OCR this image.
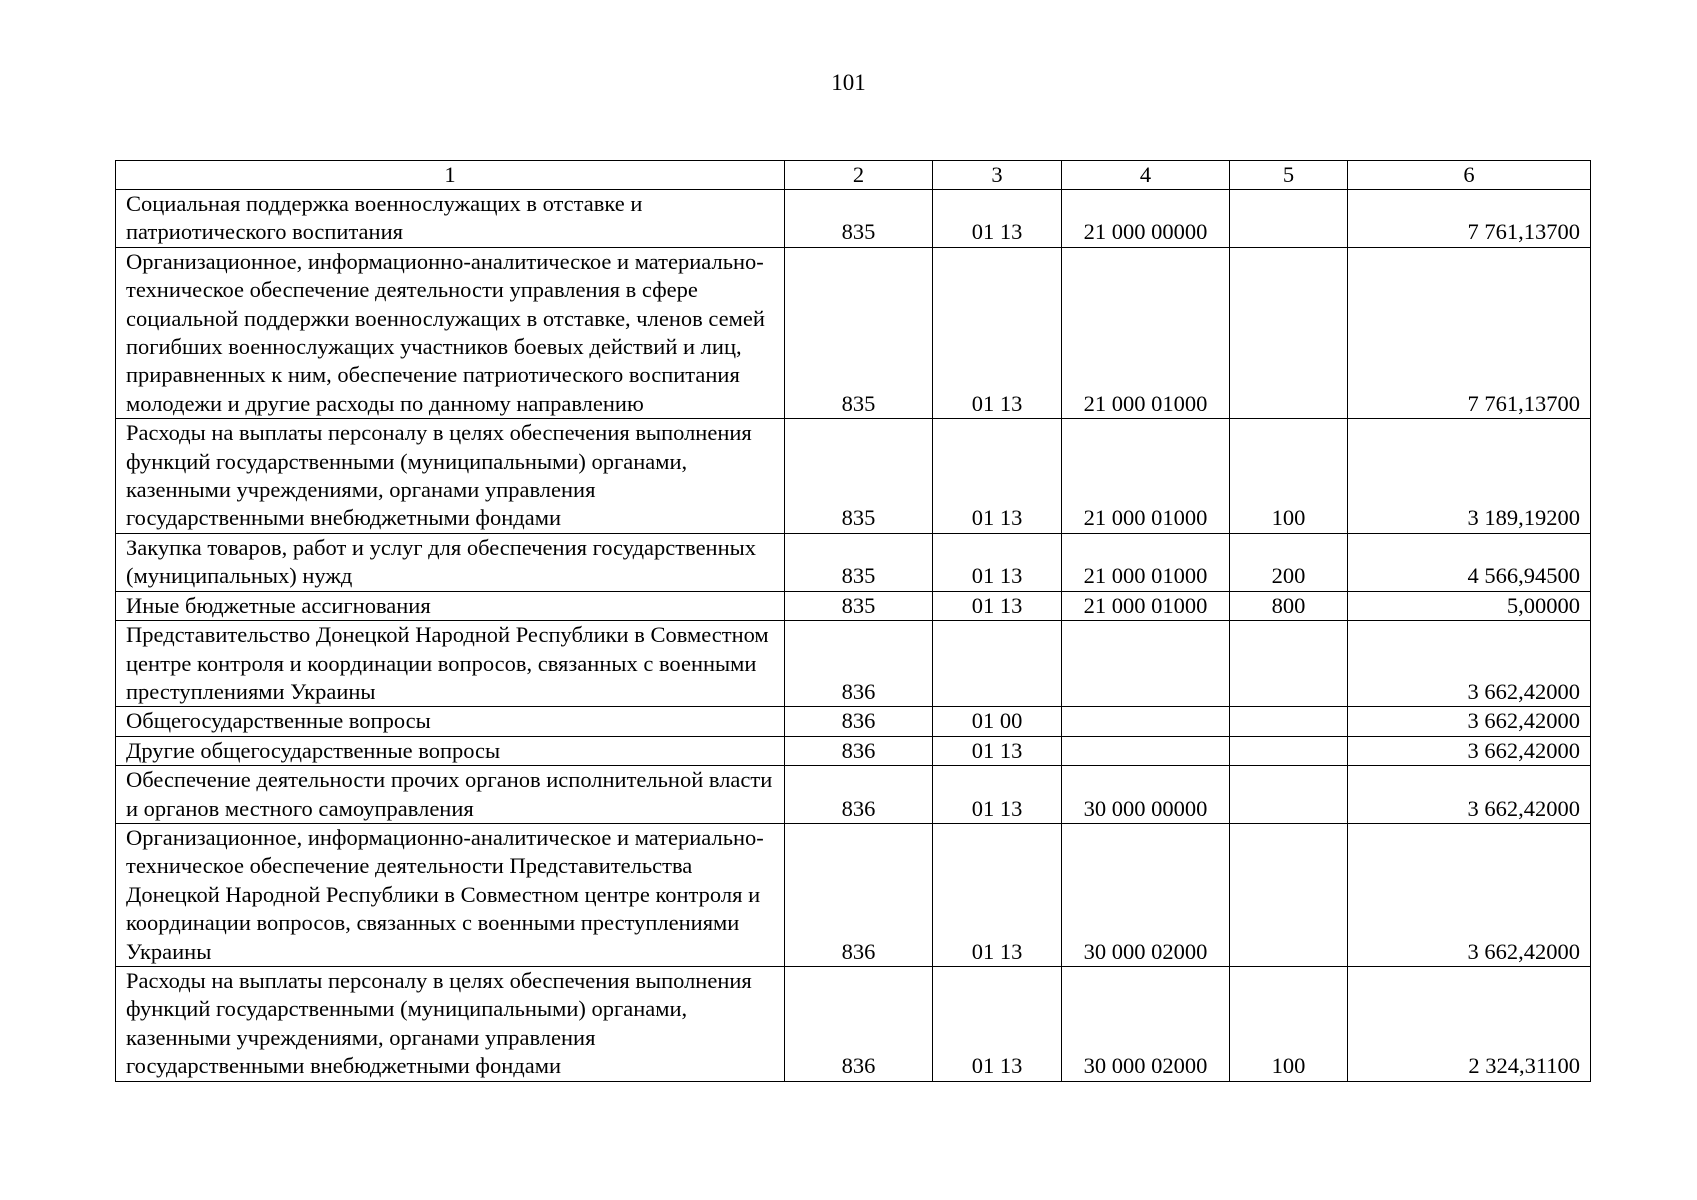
101
1	2	3	4	5	6
Социальная поддержка военнослужащих в отставке и патриотического воспитания	835	01 13	21 000 00000		7 761,13700
Организационное, информационно-аналитическое и материально-техническое обеспечение деятельности управления в сфере социальной поддержки военнослужащих в отставке, членов семей погибших военнослужащих участников боевых действий и лиц, приравненных к ним, обеспечение патриотического воспитания молодежи и другие расходы по данному направлению	835	01 13	21 000 01000		7 761,13700
Расходы на выплаты персоналу в целях обеспечения выполнения функций государственными (муниципальными) органами, казенными учреждениями, органами управления государственными внебюджетными фондами	835	01 13	21 000 01000	100	3 189,19200
Закупка товаров, работ и услуг для обеспечения государственных (муниципальных) нужд	835	01 13	21 000 01000	200	4 566,94500
Иные бюджетные ассигнования	835	01 13	21 000 01000	800	5,00000
Представительство Донецкой Народной Республики в Совместном центре контроля и координации вопросов, связанных с военными преступлениями Украины	836				3 662,42000
Общегосударственные вопросы	836	01 00			3 662,42000
Другие общегосударственные вопросы	836	01 13			3 662,42000
Обеспечение деятельности прочих органов исполнительной власти и органов местного самоуправления	836	01 13	30 000 00000		3 662,42000
Организационное, информационно-аналитическое и материально-техническое обеспечение деятельности Представительства Донецкой Народной Республики в Совместном центре контроля и координации вопросов, связанных с военными преступлениями Украины	836	01 13	30 000 02000		3 662,42000
Расходы на выплаты персоналу в целях обеспечения выполнения функций государственными (муниципальными) органами, казенными учреждениями, органами управления государственными внебюджетными фондами	836	01 13	30 000 02000	100	2 324,31100
